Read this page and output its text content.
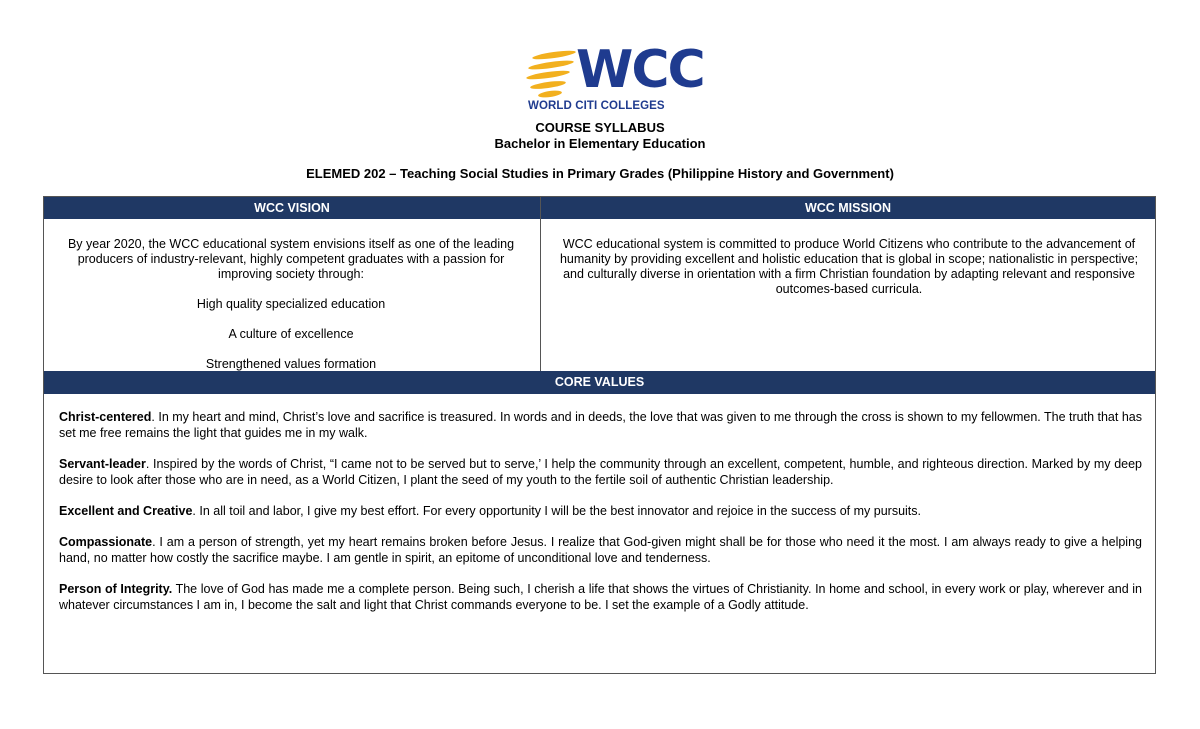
WCC
WORLD CITI COLLEGES
COURSE SYLLABUS
Bachelor in Elementary Education
ELEMED 202 – Teaching Social Studies in Primary Grades (Philippine History and Government)
WCC VISION	WCC MISSION

By year 2020, the WCC educational system envisions itself as one of the leading producers of industry-relevant, highly competent graduates with a passion for improving society through:

High quality specialized education

A culture of excellence

Strengthened values formation

WCC educational system is committed to produce World Citizens who contribute to the advancement of humanity by providing excellent and holistic education that is global in scope; nationalistic in perspective; and culturally diverse in orientation with a firm Christian foundation by adapting relevant and responsive outcomes-based curricula.
CORE VALUES

Christ-centered. In my heart and mind, Christ’s love and sacrifice is treasured. In words and in deeds, the love that was given to me through the cross is shown to my fellowmen. The truth that has set me free remains the light that guides me in my walk.

Servant-leader. Inspired by the words of Christ, “I came not to be served but to serve,’ I help the community through an excellent, competent, humble, and righteous direction. Marked by my deep desire to look after those who are in need, as a World Citizen, I plant the seed of my youth to the fertile soil of authentic Christian leadership.

Excellent and Creative. In all toil and labor, I give my best effort. For every opportunity I will be the best innovator and rejoice in the success of my pursuits.

Compassionate. I am a person of strength, yet my heart remains broken before Jesus. I realize that God-given might shall be for those who need it the most. I am always ready to give a helping hand, no matter how costly the sacrifice maybe. I am gentle in spirit, an epitome of unconditional love and tenderness.

Person of Integrity. The love of God has made me a complete person. Being such, I cherish a life that shows the virtues of Christianity. In home and school, in every work or play, wherever and in whatever circumstances I am in, I become the salt and light that Christ commands everyone to be. I set the example of a Godly attitude.
